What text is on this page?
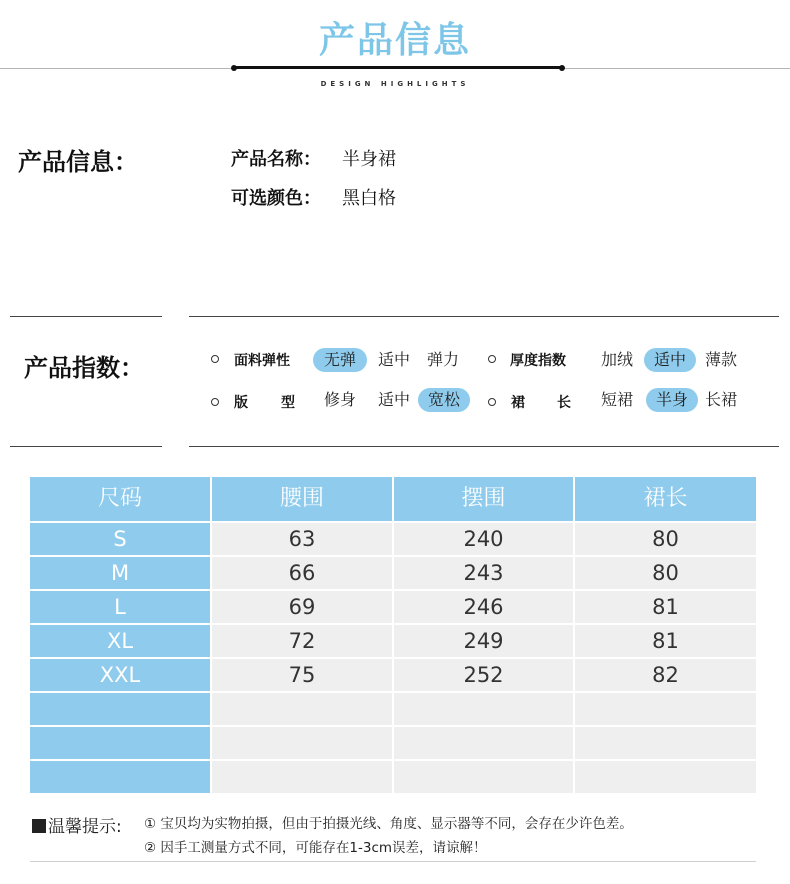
产品信息
DESIGN HIGHLIGHTS
产品信息：	产品名称： 半身裙
可选颜色： 黑白格
产品指数：	面料弹性	无弹	适中	弹力	厚度指数	加绒	适中	薄款
版 型	修身	适中	宽松	裙 长	短裙	半身	长裙
尺码	腰围	摆围	裙长
S	63	240	80
M	66	243	80
L	69	246	81
XL	72	249	81
XXL	75	252	82
温馨提示: ① 宝贝均为实物拍摄，但由于拍摄光线、角度、显示器等不同，会存在少许色差。
② 因手工测量方式不同，可能存在1-3cm误差，请谅解！
